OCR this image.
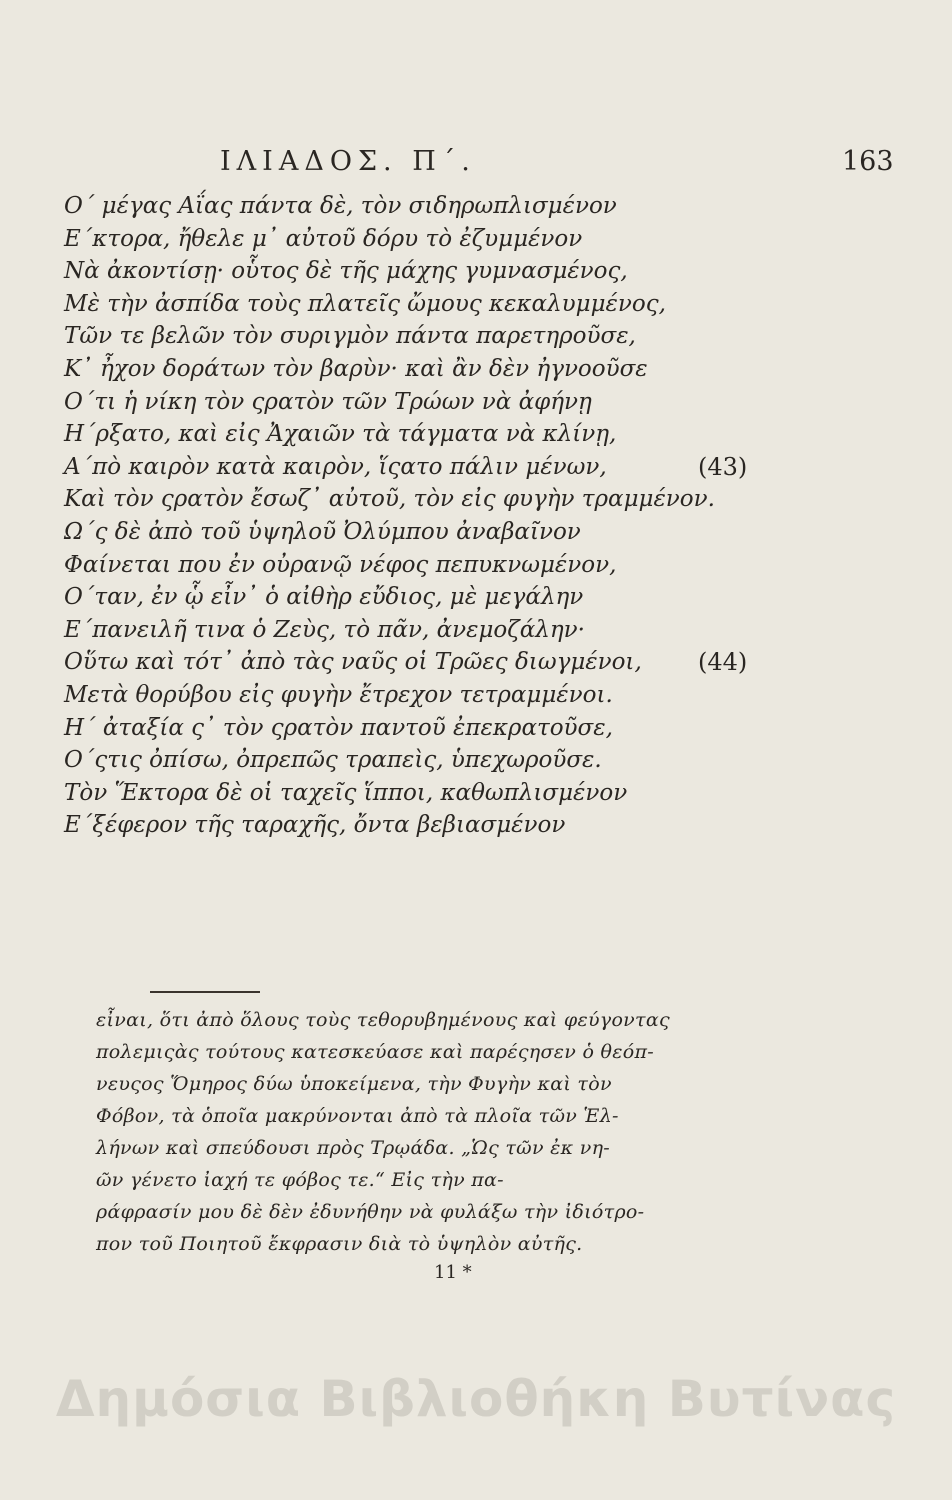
ΙΛΙΑΔΟΣ. Π΄.	163
Ο΄ μέγας Αΐας πάντα δὲ, τὸν σιδηρωπλισμένον
Ε΄κτορα, ἤθελε μ᾽ αὐτοῦ δόρυ τὸ ἐζυμμένον
Νὰ ἀκοντίσῃ· οὗτος δὲ τῆς μάχης γυμνασμένος,
Μὲ τὴν ἀσπίδα τοὺς πλατεῖς ὤμους κεκαλυμμένος,
Τῶν τε βελῶν τὸν συριγμὸν πάντα παρετηροῦσε,
Κ᾽ ἦχον δοράτων τὸν βαρὺν· καὶ ἂν δὲν ἠγνοοῦσε
Ο΄τι ἡ νίκη τὸν ςρατὸν τῶν Τρώων νὰ ἀφήνῃ
Η΄ρξατο, καὶ εἰς Ἀχαιῶν τὰ τάγματα νὰ κλίνῃ,
Α΄πὸ καιρὸν κατὰ καιρὸν, ἵςατο πάλιν μένων,	(43)
Καὶ τὸν ςρατὸν ἔσωζ᾽ αὐτοῦ, τὸν εἰς φυγὴν τραμμένον.
Ω΄ς δὲ ἀπὸ τοῦ ὑψηλοῦ Ὀλύμπου ἀναβαῖνον
Φαίνεται που ἐν οὐρανῷ νέφος πεπυκνωμένον,
Ο΄ταν, ἐν ᾧ εἶν᾽ ὁ αἰθὴρ εὔδιος, μὲ μεγάλην
Ε΄πανειλῆ τινα ὁ Ζεὺς, τὸ πᾶν, ἀνεμοζάλην·
Οὕτω καὶ τότ᾽ ἀπὸ τὰς ναῦς οἱ Τρῶες διωγμένοι, (44)
Μετὰ θορύβου εἰς φυγὴν ἔτρεχον τετραμμένοι.
Η΄ ἀταξία ς᾽ τὸν ςρατὸν παντοῦ ἐπεκρατοῦσε,
Ο΄ςτις ὀπίσω, ὀπρεπῶς τραπεὶς, ὑπεχωροῦσε.
Τὸν Ἕκτορα δὲ οἱ ταχεῖς ἵπποι, καθωπλισμένον
Ε΄ξέφερον τῆς ταραχῆς, ὄντα βεβιασμένον
εἶναι, ὅτι ἀπὸ ὅλους τοὺς τεθορυβημένους καὶ φεύγοντας
πολεμιςὰς τούτους κατεσκεύασε καὶ παρέςησεν ὁ θεόπ-
νευςος Ὅμηρος δύω ὑποκείμενα, τὴν Φυγὴν καὶ τὸν
Φόβον, τὰ ὁποῖα μακρύνονται ἀπὸ τὰ πλοῖα τῶν Ἑλ-
λήνων καὶ σπεύδουσι πρὸς Τρῳάδα. „Ὡς τῶν ἐκ νη-
ῶν γένετο ἰαχή τε φόβος τε.“ Εἰς τὴν πα-
ράφρασίν μου δὲ δὲν ἐδυνήθην νὰ φυλάξω τὴν ἰδιότρο-
πον τοῦ Ποιητοῦ ἔκφρασιν διὰ τὸ ὑψηλὸν αὐτῆς.
11 *
Δημόσια Βιβλιοθήκη Βυτίνας
